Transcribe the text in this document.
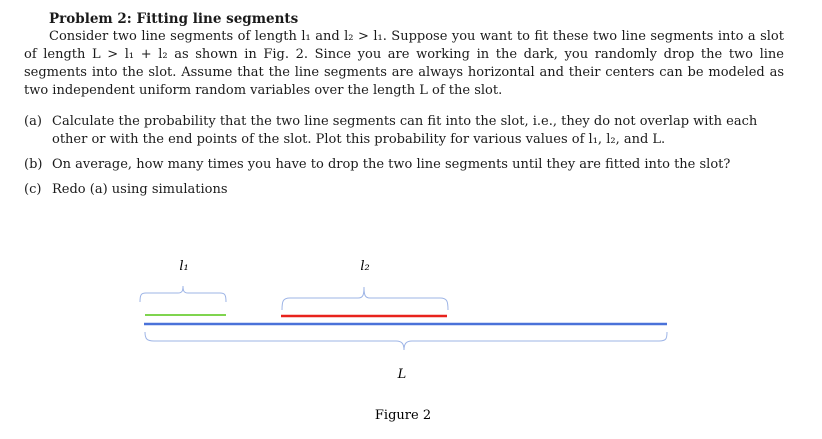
Problem 2: Fitting line segments

Consider two line segments of length l₁ and l₂ > l₁. Suppose you want to fit these two line segments into a slot of length L > l₁ + l₂ as shown in Fig. 2. Since you are working in the dark, you randomly drop the two line segments into the slot. Assume that the line segments are always horizontal and their centers can be modeled as two independent uniform random variables over the length L of the slot.

(a) Calculate the probability that the two line segments can fit into the slot, i.e., they do not overlap with each other or with the end points of the slot. Plot this probability for various values of l₁, l₂, and L.
(b) On average, how many times you have to drop the two line segments until they are fitted into the slot?
(c) Redo (a) using simulations
l₁	l₂
L
Figure 2
